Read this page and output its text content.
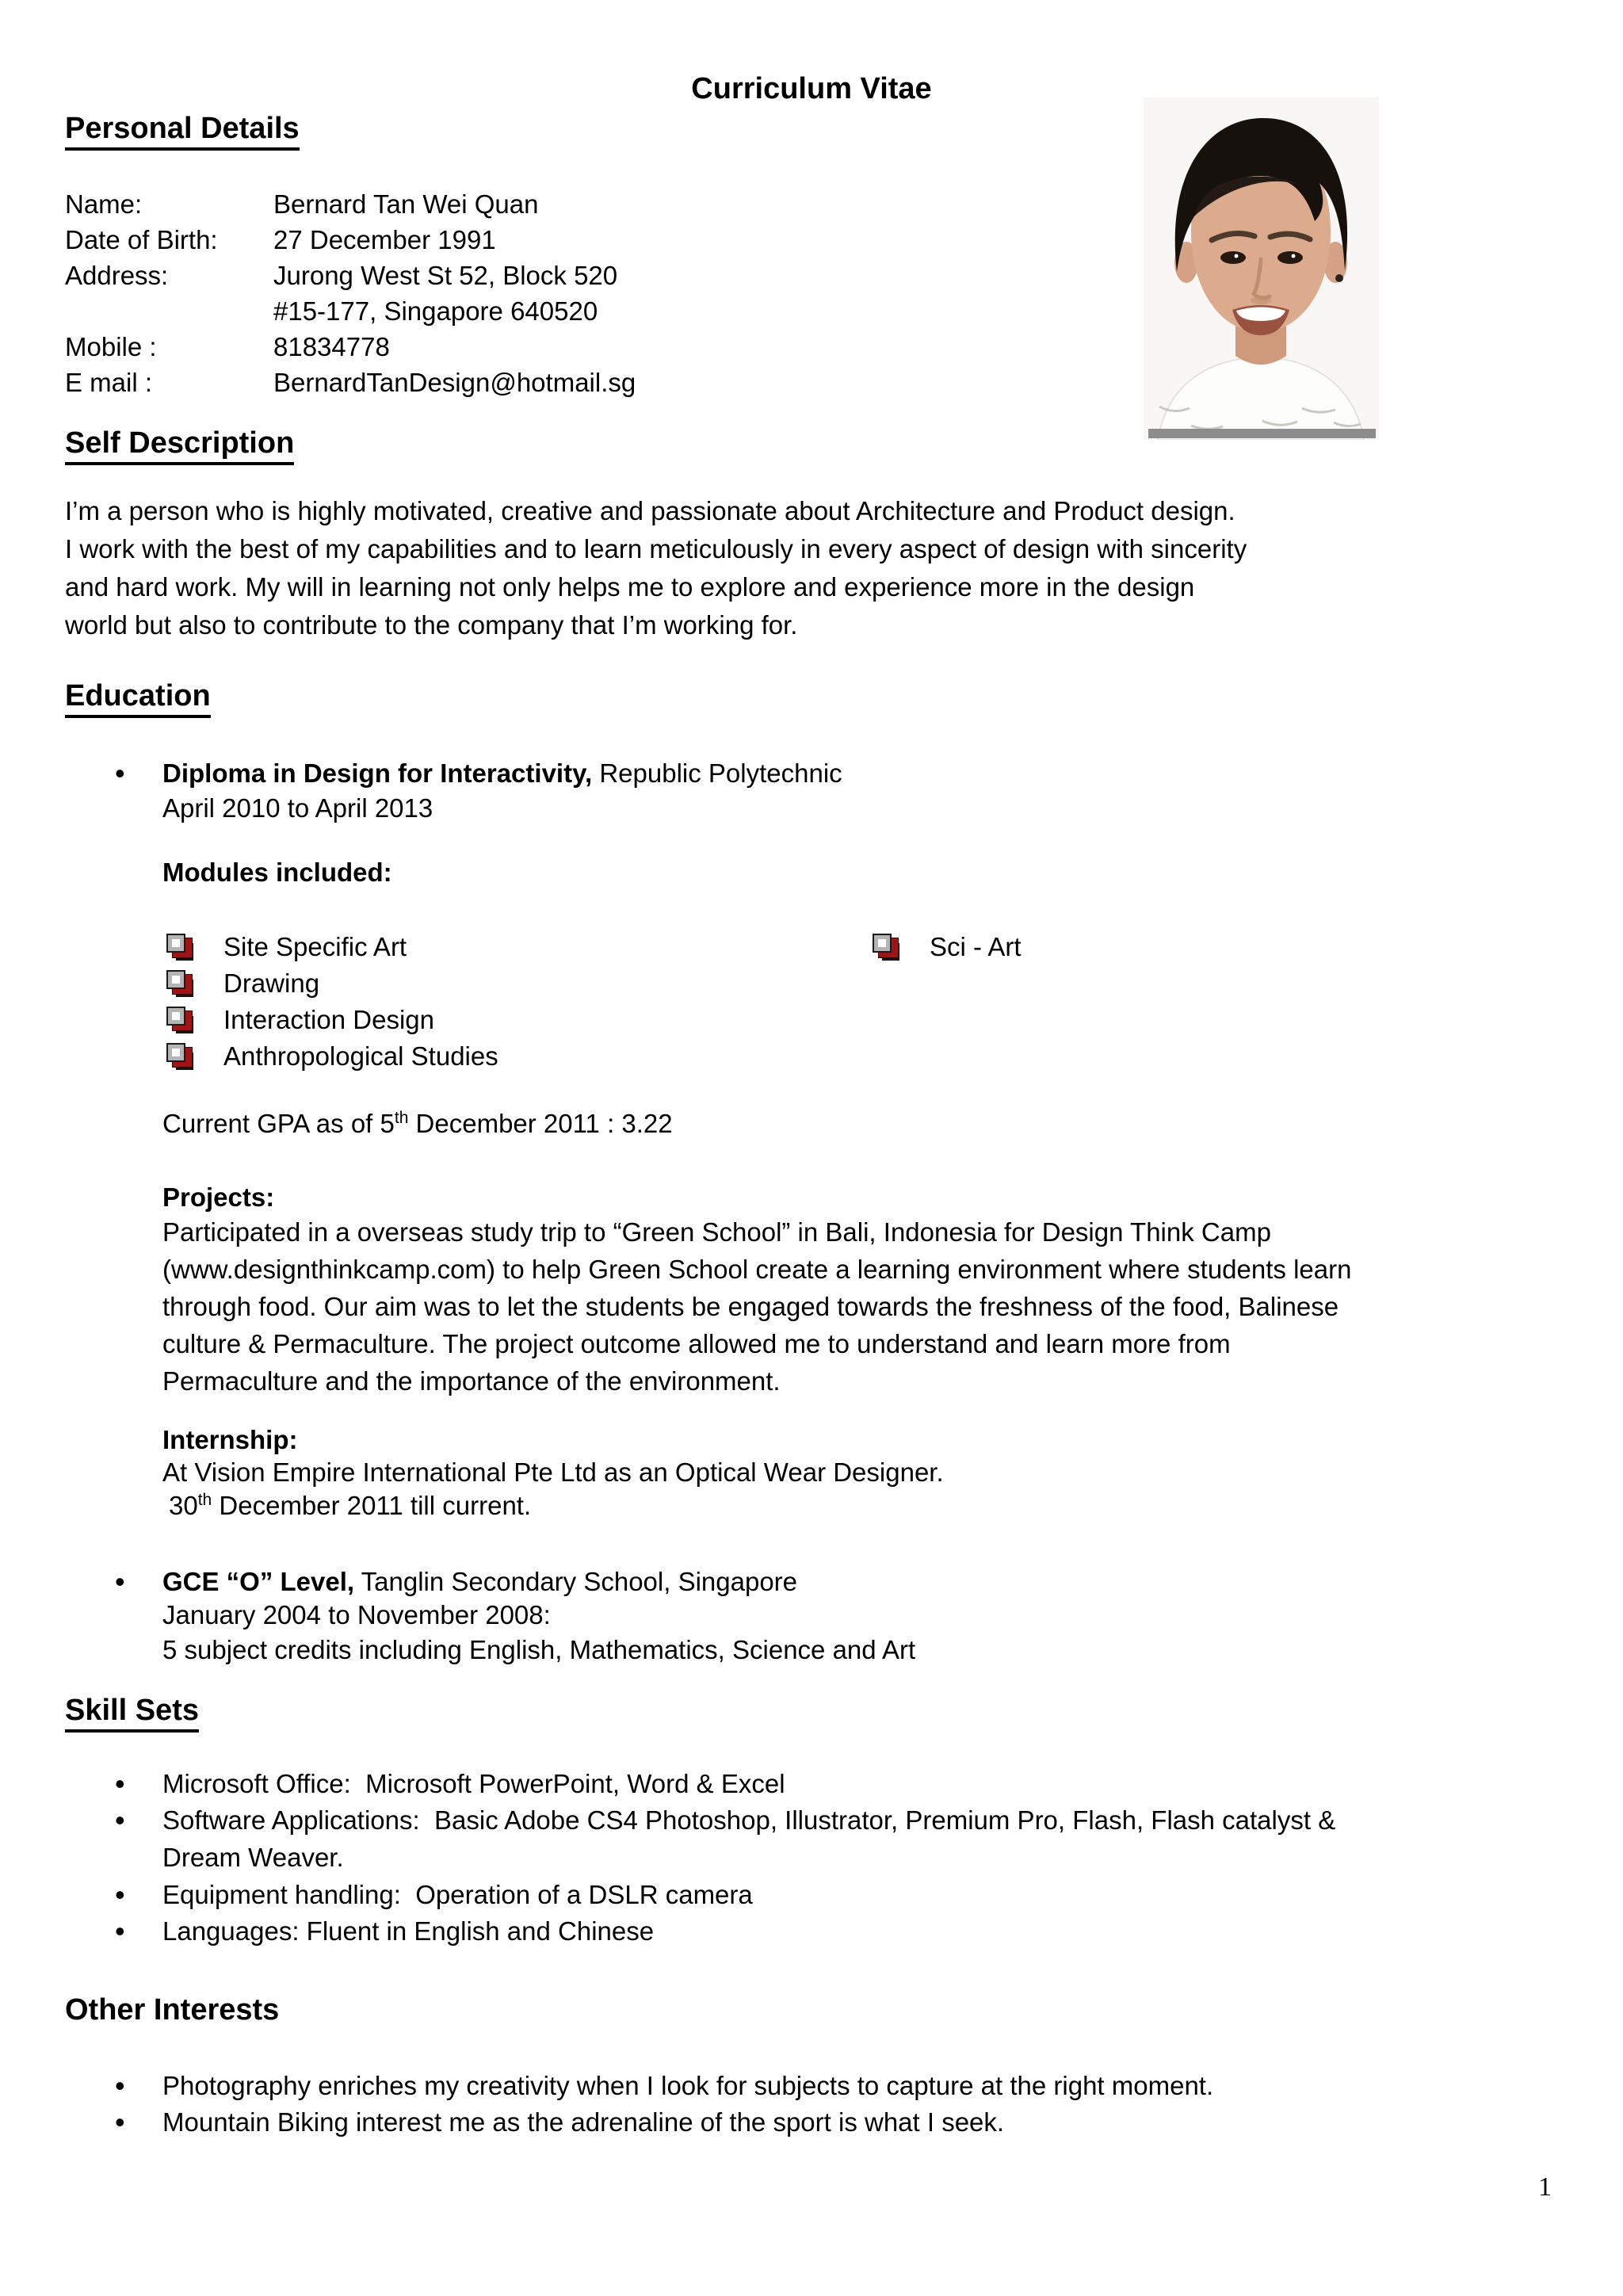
Curriculum Vitae
Personal Details
Name:	Bernard Tan Wei Quan
Date of Birth: 27 December 1991
Address:	Jurong West St 52, Block 520
#15-177, Singapore 640520
Mobile :	81834778
E mail :	BernardTanDesign@hotmail.sg
Self Description
I’m a person who is highly motivated, creative and passionate about Architecture and Product design.
I work with the best of my capabilities and to learn meticulously in every aspect of design with sincerity
and hard work. My will in learning not only helps me to explore and experience more in the design
world but also to contribute to the company that I’m working for.
Education
•	Diploma in Design for Interactivity, Republic Polytechnic
April 2010 to April 2013
Modules included:
Site Specific Art
Drawing
Interaction Design
Anthropological Studies
Sci - Art
Current GPA as of 5th December 2011 : 3.22
Projects:
Participated in a overseas study trip to “Green School” in Bali, Indonesia for Design Think Camp
(www.designthinkcamp.com) to help Green School create a learning environment where students learn
through food. Our aim was to let the students be engaged towards the freshness of the food, Balinese
culture & Permaculture. The project outcome allowed me to understand and learn more from
Permaculture and the importance of the environment.
Internship:
At Vision Empire International Pte Ltd as an Optical Wear Designer.
30th December 2011 till current.
•	GCE “O” Level, Tanglin Secondary School, Singapore
January 2004 to November 2008:
5 subject credits including English, Mathematics, Science and Art
Skill Sets
•	Microsoft Office:  Microsoft PowerPoint, Word & Excel
•	Software Applications:  Basic Adobe CS4 Photoshop, Illustrator, Premium Pro, Flash, Flash catalyst &
Dream Weaver.
•	Equipment handling:  Operation of a DSLR camera
•	Languages: Fluent in English and Chinese
Other Interests
•	Photography enriches my creativity when I look for subjects to capture at the right moment.
•	Mountain Biking interest me as the adrenaline of the sport is what I seek.
1
